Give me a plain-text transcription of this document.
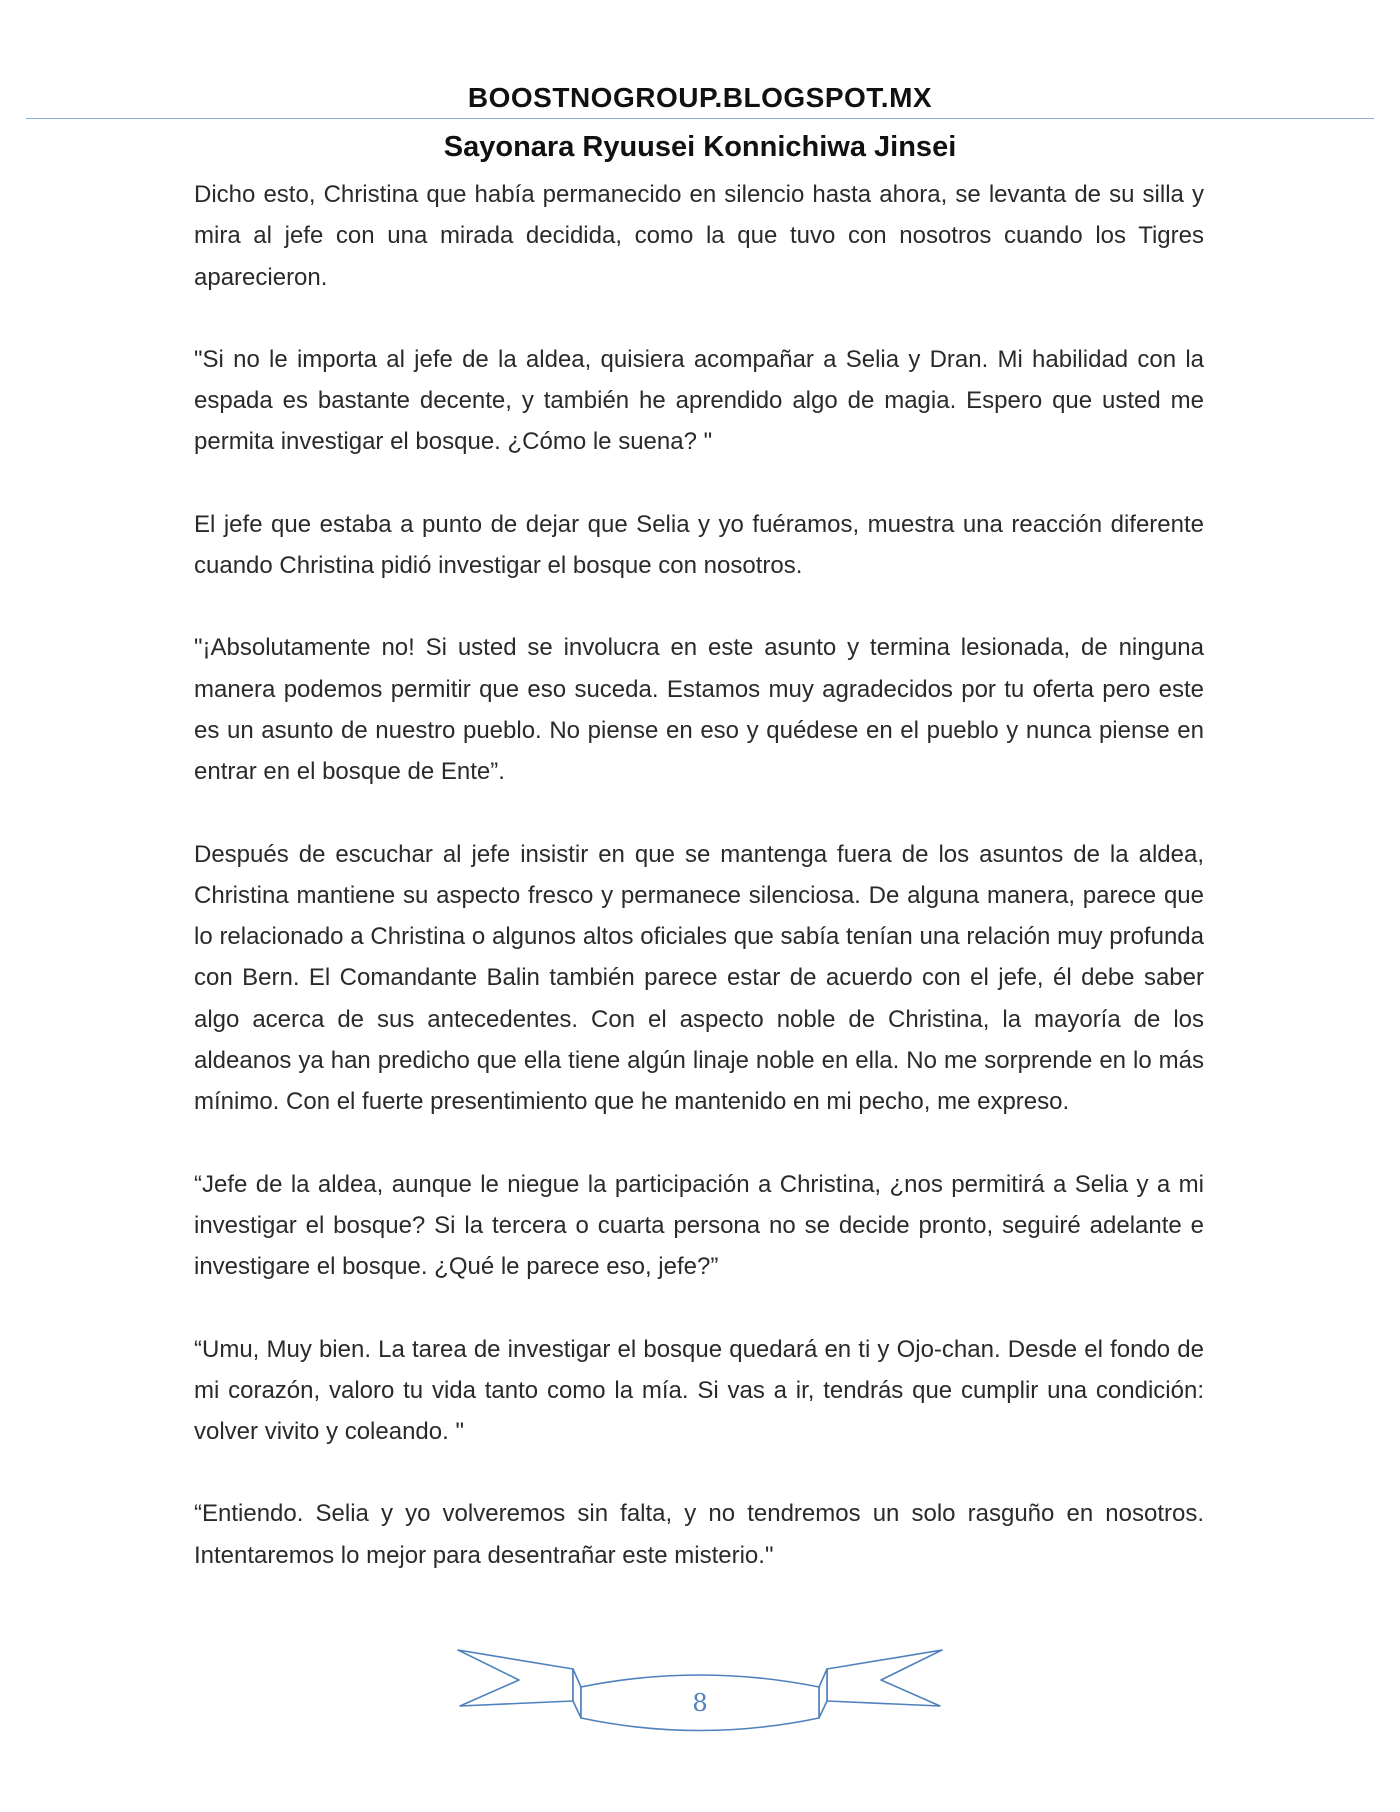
BOOSTNOGROUP.BLOGSPOT.MX
Sayonara Ryuusei Konnichiwa Jinsei

Dicho esto, Christina que había permanecido en silencio hasta ahora, se levanta de su silla y mira al jefe con una mirada decidida, como la que tuvo con nosotros cuando los Tigres aparecieron.

"Si no le importa al jefe de la aldea, quisiera acompañar a Selia y Dran. Mi habilidad con la espada es bastante decente, y también he aprendido algo de magia. Espero que usted me permita investigar el bosque. ¿Cómo le suena? "

El jefe que estaba a punto de dejar que Selia y yo fuéramos, muestra una reacción diferente cuando Christina pidió investigar el bosque con nosotros.

"¡Absolutamente no! Si usted se involucra en este asunto y termina lesionada, de ninguna manera podemos permitir que eso suceda. Estamos muy agradecidos por tu oferta pero este es un asunto de nuestro pueblo. No piense en eso y quédese en el pueblo y nunca piense en entrar en el bosque de Ente”.

Después de escuchar al jefe insistir en que se mantenga fuera de los asuntos de la aldea, Christina mantiene su aspecto fresco y permanece silenciosa. De alguna manera, parece que lo relacionado a Christina o algunos altos oficiales que sabía tenían una relación muy profunda con Bern. El Comandante Balin también parece estar de acuerdo con el jefe, él debe saber algo acerca de sus antecedentes. Con el aspecto noble de Christina, la mayoría de los aldeanos ya han predicho que ella tiene algún linaje noble en ella. No me sorprende en lo más mínimo. Con el fuerte presentimiento que he mantenido en mi pecho, me expreso.

“Jefe de la aldea, aunque le niegue la participación a Christina, ¿nos permitirá a Selia y a mi investigar el bosque? Si la tercera o cuarta persona no se decide pronto, seguiré adelante e investigare el bosque. ¿Qué le parece eso, jefe?”

“Umu, Muy bien. La tarea de investigar el bosque quedará en ti y Ojo-chan. Desde el fondo de mi corazón, valoro tu vida tanto como la mía. Si vas a ir, tendrás que cumplir una condición: volver vivito y coleando. "

“Entiendo. Selia y yo volveremos sin falta, y no tendremos un solo rasguño en nosotros. Intentaremos lo mejor para desentrañar este misterio."

8
